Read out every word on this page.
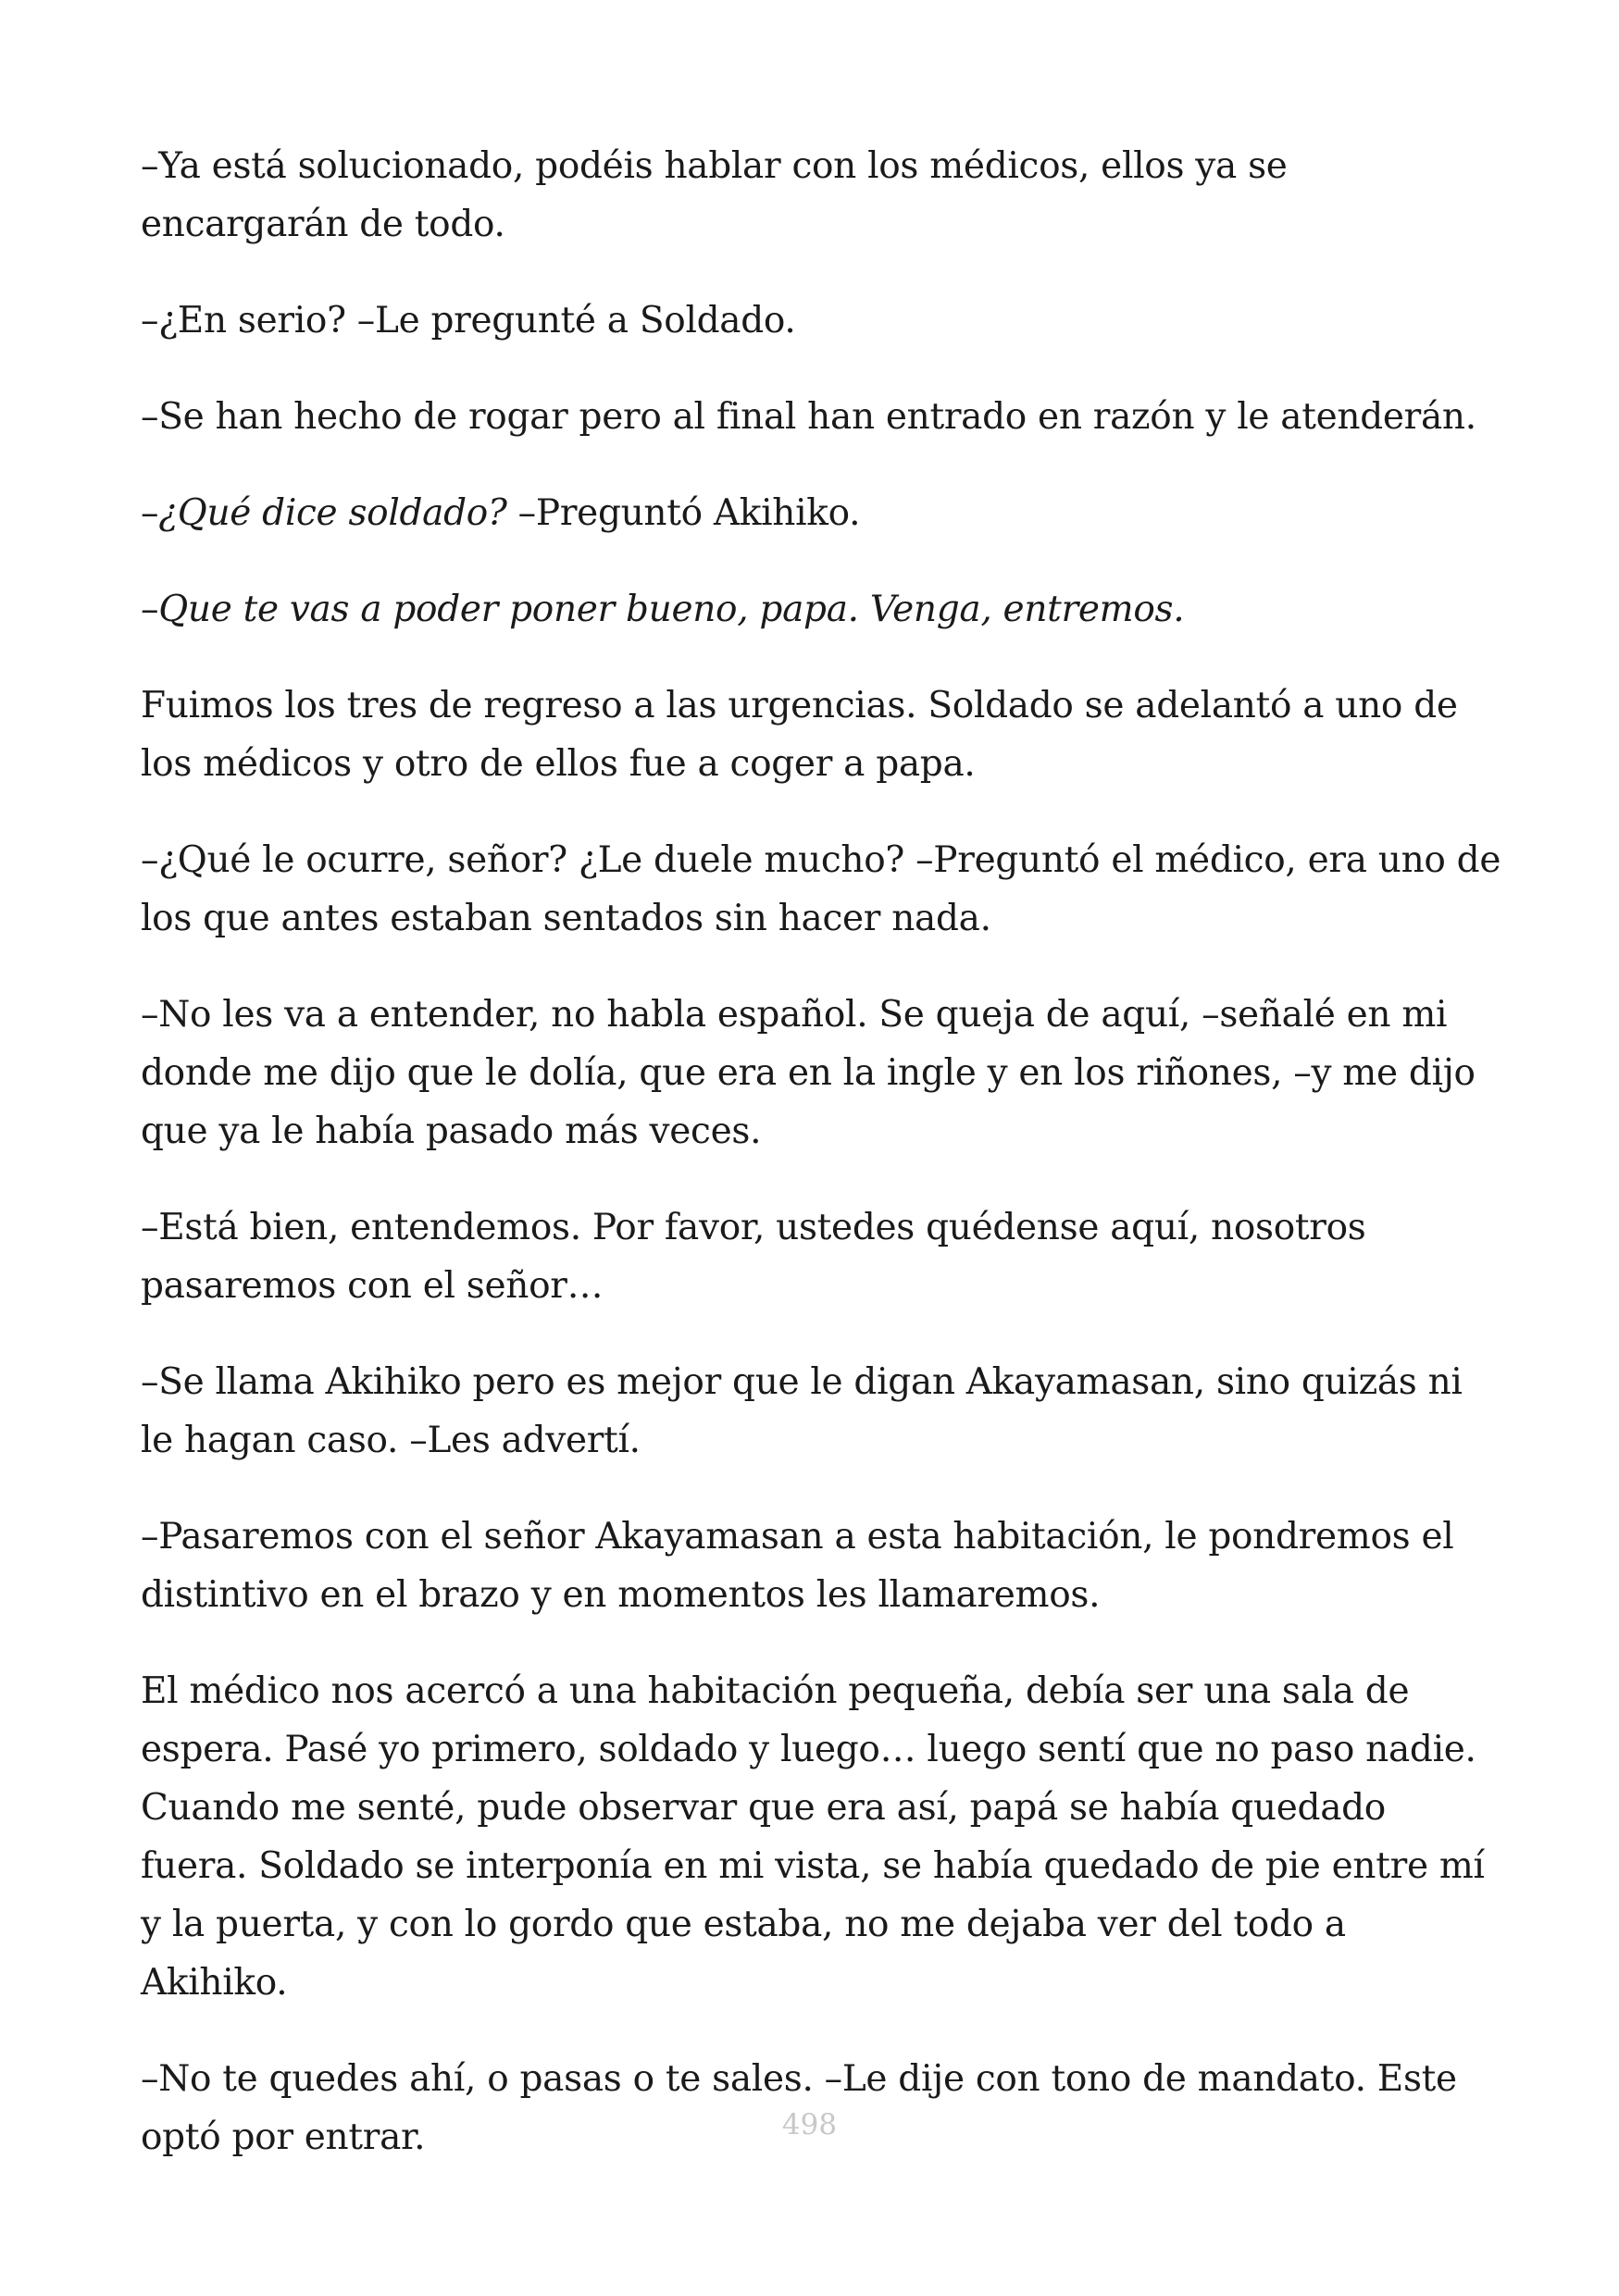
–Ya está solucionado, podéis hablar con los médicos, ellos ya se encargarán de todo.

–¿En serio? –Le pregunté a Soldado.

–Se han hecho de rogar pero al final han entrado en razón y le atenderán.

–¿Qué dice soldado? –Preguntó Akihiko.

–Que te vas a poder poner bueno, papa. Venga, entremos.

Fuimos los tres de regreso a las urgencias. Soldado se adelantó a uno de los médicos y otro de ellos fue a coger a papa.

–¿Qué le ocurre, señor? ¿Le duele mucho? –Preguntó el médico, era uno de los que antes estaban sentados sin hacer nada.

–No les va a entender, no habla español. Se queja de aquí, –señalé en mi donde me dijo que le dolía, que era en la ingle y en los riñones, –y me dijo que ya le había pasado más veces.

–Está bien, entendemos. Por favor, ustedes quédense aquí, nosotros pasaremos con el señor…

–Se llama Akihiko pero es mejor que le digan Akayamasan, sino quizás ni le hagan caso. –Les advertí.

–Pasaremos con el señor Akayamasan a esta habitación, le pondremos el distintivo en el brazo y en momentos les llamaremos.

El médico nos acercó a una habitación pequeña, debía ser una sala de espera. Pasé yo primero, soldado y luego… luego sentí que no paso nadie. Cuando me senté, pude observar que era así, papá se había quedado fuera. Soldado se interponía en mi vista, se había quedado de pie entre mí y la puerta, y con lo gordo que estaba, no me dejaba ver del todo a Akihiko.

–No te quedes ahí, o pasas o te sales. –Le dije con tono de mandato. Este optó por entrar.	498
